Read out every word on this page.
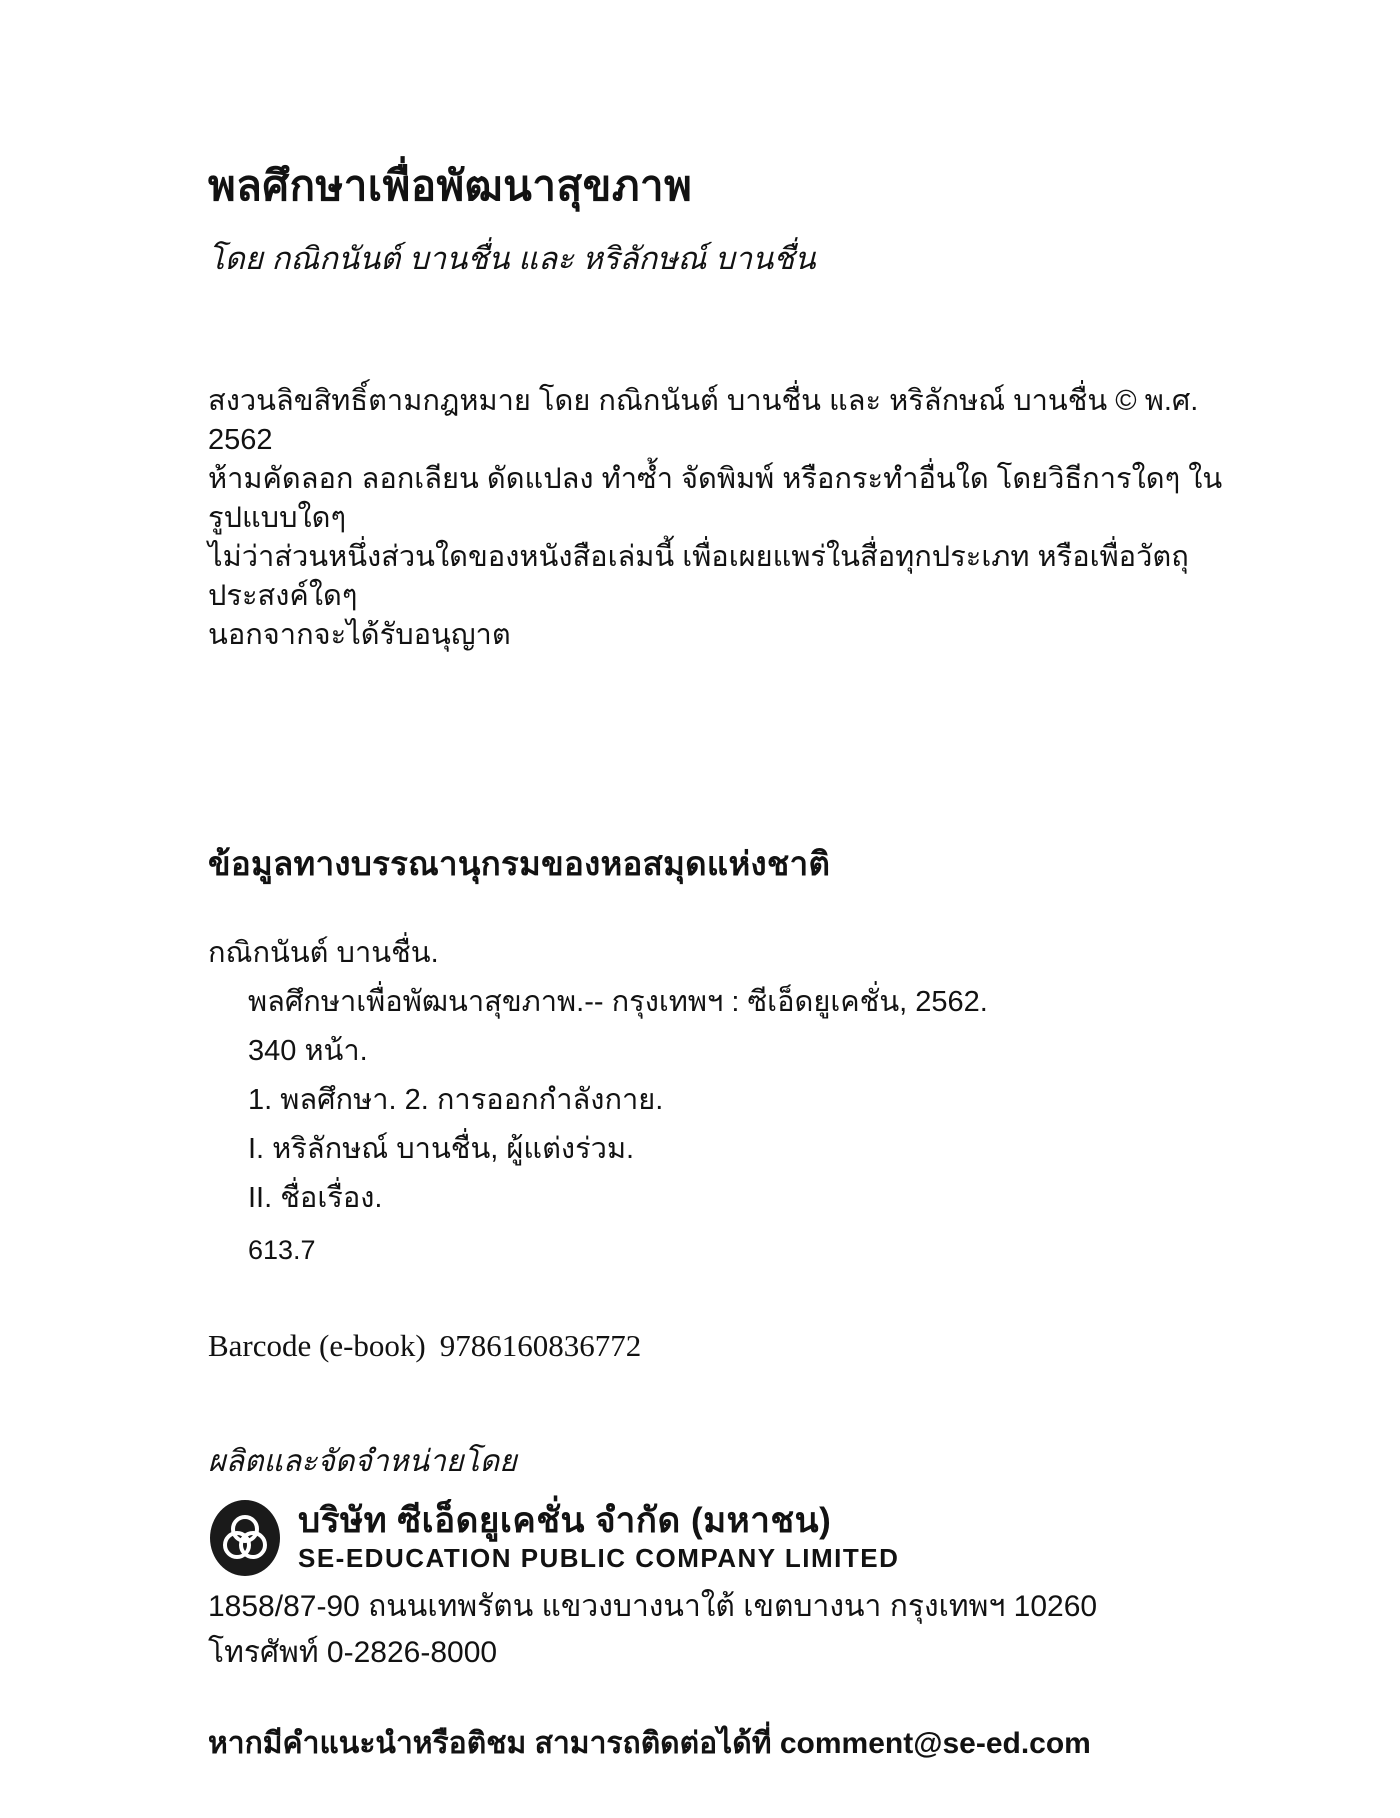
พลศึกษาเพื่อพัฒนาสุขภาพ
โดย กณิกนันต์ บานชื่น และ หริลักษณ์ บานชื่น
สงวนลิขสิทธิ์ตามกฎหมาย โดย กณิกนันต์ บานชื่น และ หริลักษณ์ บานชื่น © พ.ศ. 2562
ห้ามคัดลอก ลอกเลียน ดัดแปลง ทำซ้ำ จัดพิมพ์ หรือกระทำอื่นใด โดยวิธีการใดๆ ในรูปแบบใดๆ
ไม่ว่าส่วนหนึ่งส่วนใดของหนังสือเล่มนี้ เพื่อเผยแพร่ในสื่อทุกประเภท หรือเพื่อวัตถุประสงค์ใดๆ
นอกจากจะได้รับอนุญาต
ข้อมูลทางบรรณานุกรมของหอสมุดแห่งชาติ
กณิกนันต์ บานชื่น.
พลศึกษาเพื่อพัฒนาสุขภาพ.-- กรุงเทพฯ : ซีเอ็ดยูเคชั่น, 2562.
340 หน้า.
1. พลศึกษา. 2. การออกกำลังกาย.
I. หริลักษณ์ บานชื่น, ผู้แต่งร่วม.
II. ชื่อเรื่อง.
613.7
Barcode (e-book) 9786160836772
ผลิตและจัดจำหน่ายโดย
บริษัท ซีเอ็ดยูเคชั่น จำกัด (มหาชน)
SE-EDUCATION PUBLIC COMPANY LIMITED
1858/87-90 ถนนเทพรัตน แขวงบางนาใต้ เขตบางนา กรุงเทพฯ 10260
โทรศัพท์ 0-2826-8000
หากมีคำแนะนำหรือติชม สามารถติดต่อได้ที่ comment@se-ed.com
